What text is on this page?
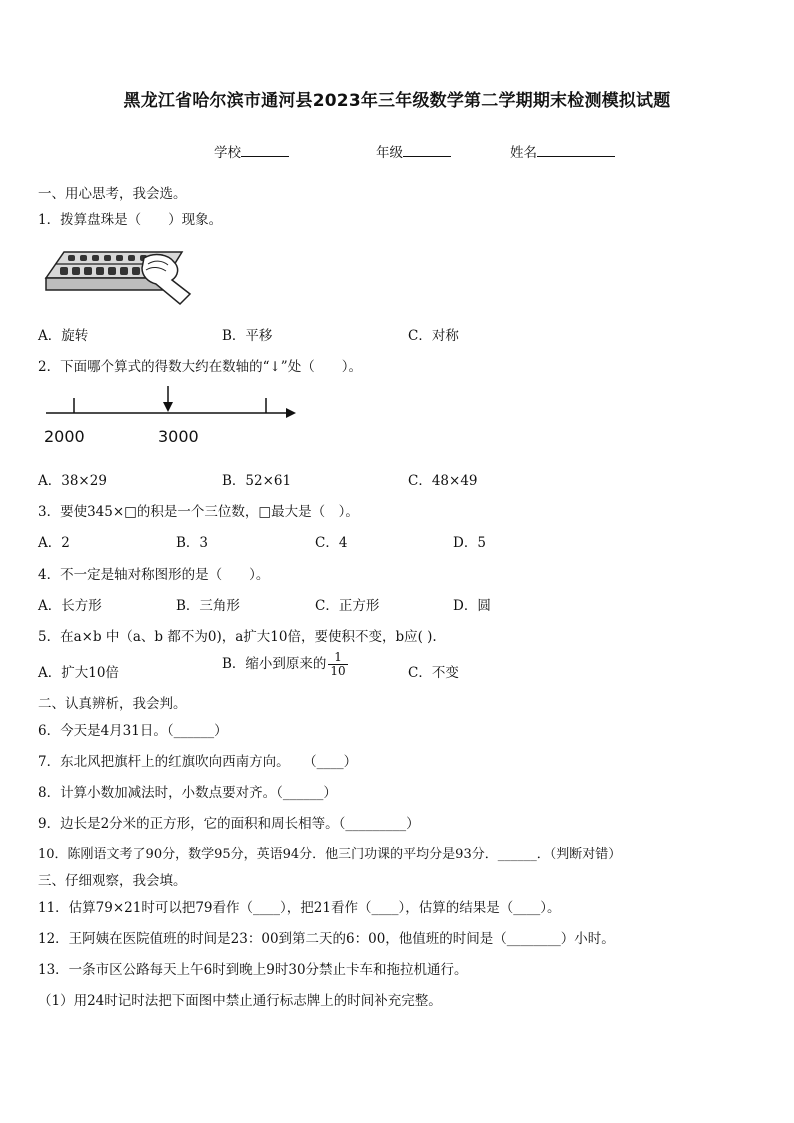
黑龙江省哈尔滨市通河县2023年三年级数学第二学期期末检测模拟试题
学校	年级	姓名
一、用心思考，我会选。
1．拨算盘珠是（　　）现象。
A．旋转	B．平移	C．对称
2．下面哪个算式的得数大约在数轴的“↓”处（　　）。
2000	3000
A．38×29	B．52×61	C．48×49
3．要使345×□的积是一个三位数，□最大是（　）。
A．2	B．3	C．4	D．5
4．不一定是轴对称图形的是（　　）。
A．长方形	B．三角形	C．正方形	D．圆
5．在a×b 中（a、b 都不为0)，a扩大10倍，要使积不变，b应( ).
A．扩大10倍
B．缩小到原来的 $\frac{1}{10}$	C．不变
二、认真辨析，我会判。
6．今天是4月31日。（______）
7．东北风把旗杆上的红旗吹向西南方向。　　（____）
8．计算小数加减法时，小数点要对齐。（______）
9．边长是2分米的正方形，它的面积和周长相等。（_________）
10．陈刚语文考了90分，数学95分，英语94分．他三门功课的平均分是93分．______．（判断对错）
三、仔细观察，我会填。
11．估算79×21时可以把79看作（____），把21看作（____），估算的结果是（____）。
12．王阿姨在医院值班的时间是23：00到第二天的6：00，他值班的时间是（________）小时。
13．一条市区公路每天上午6时到晚上9时30分禁止卡车和拖拉机通行。
（1）用24时记时法把下面图中禁止通行标志牌上的时间补充完整。
